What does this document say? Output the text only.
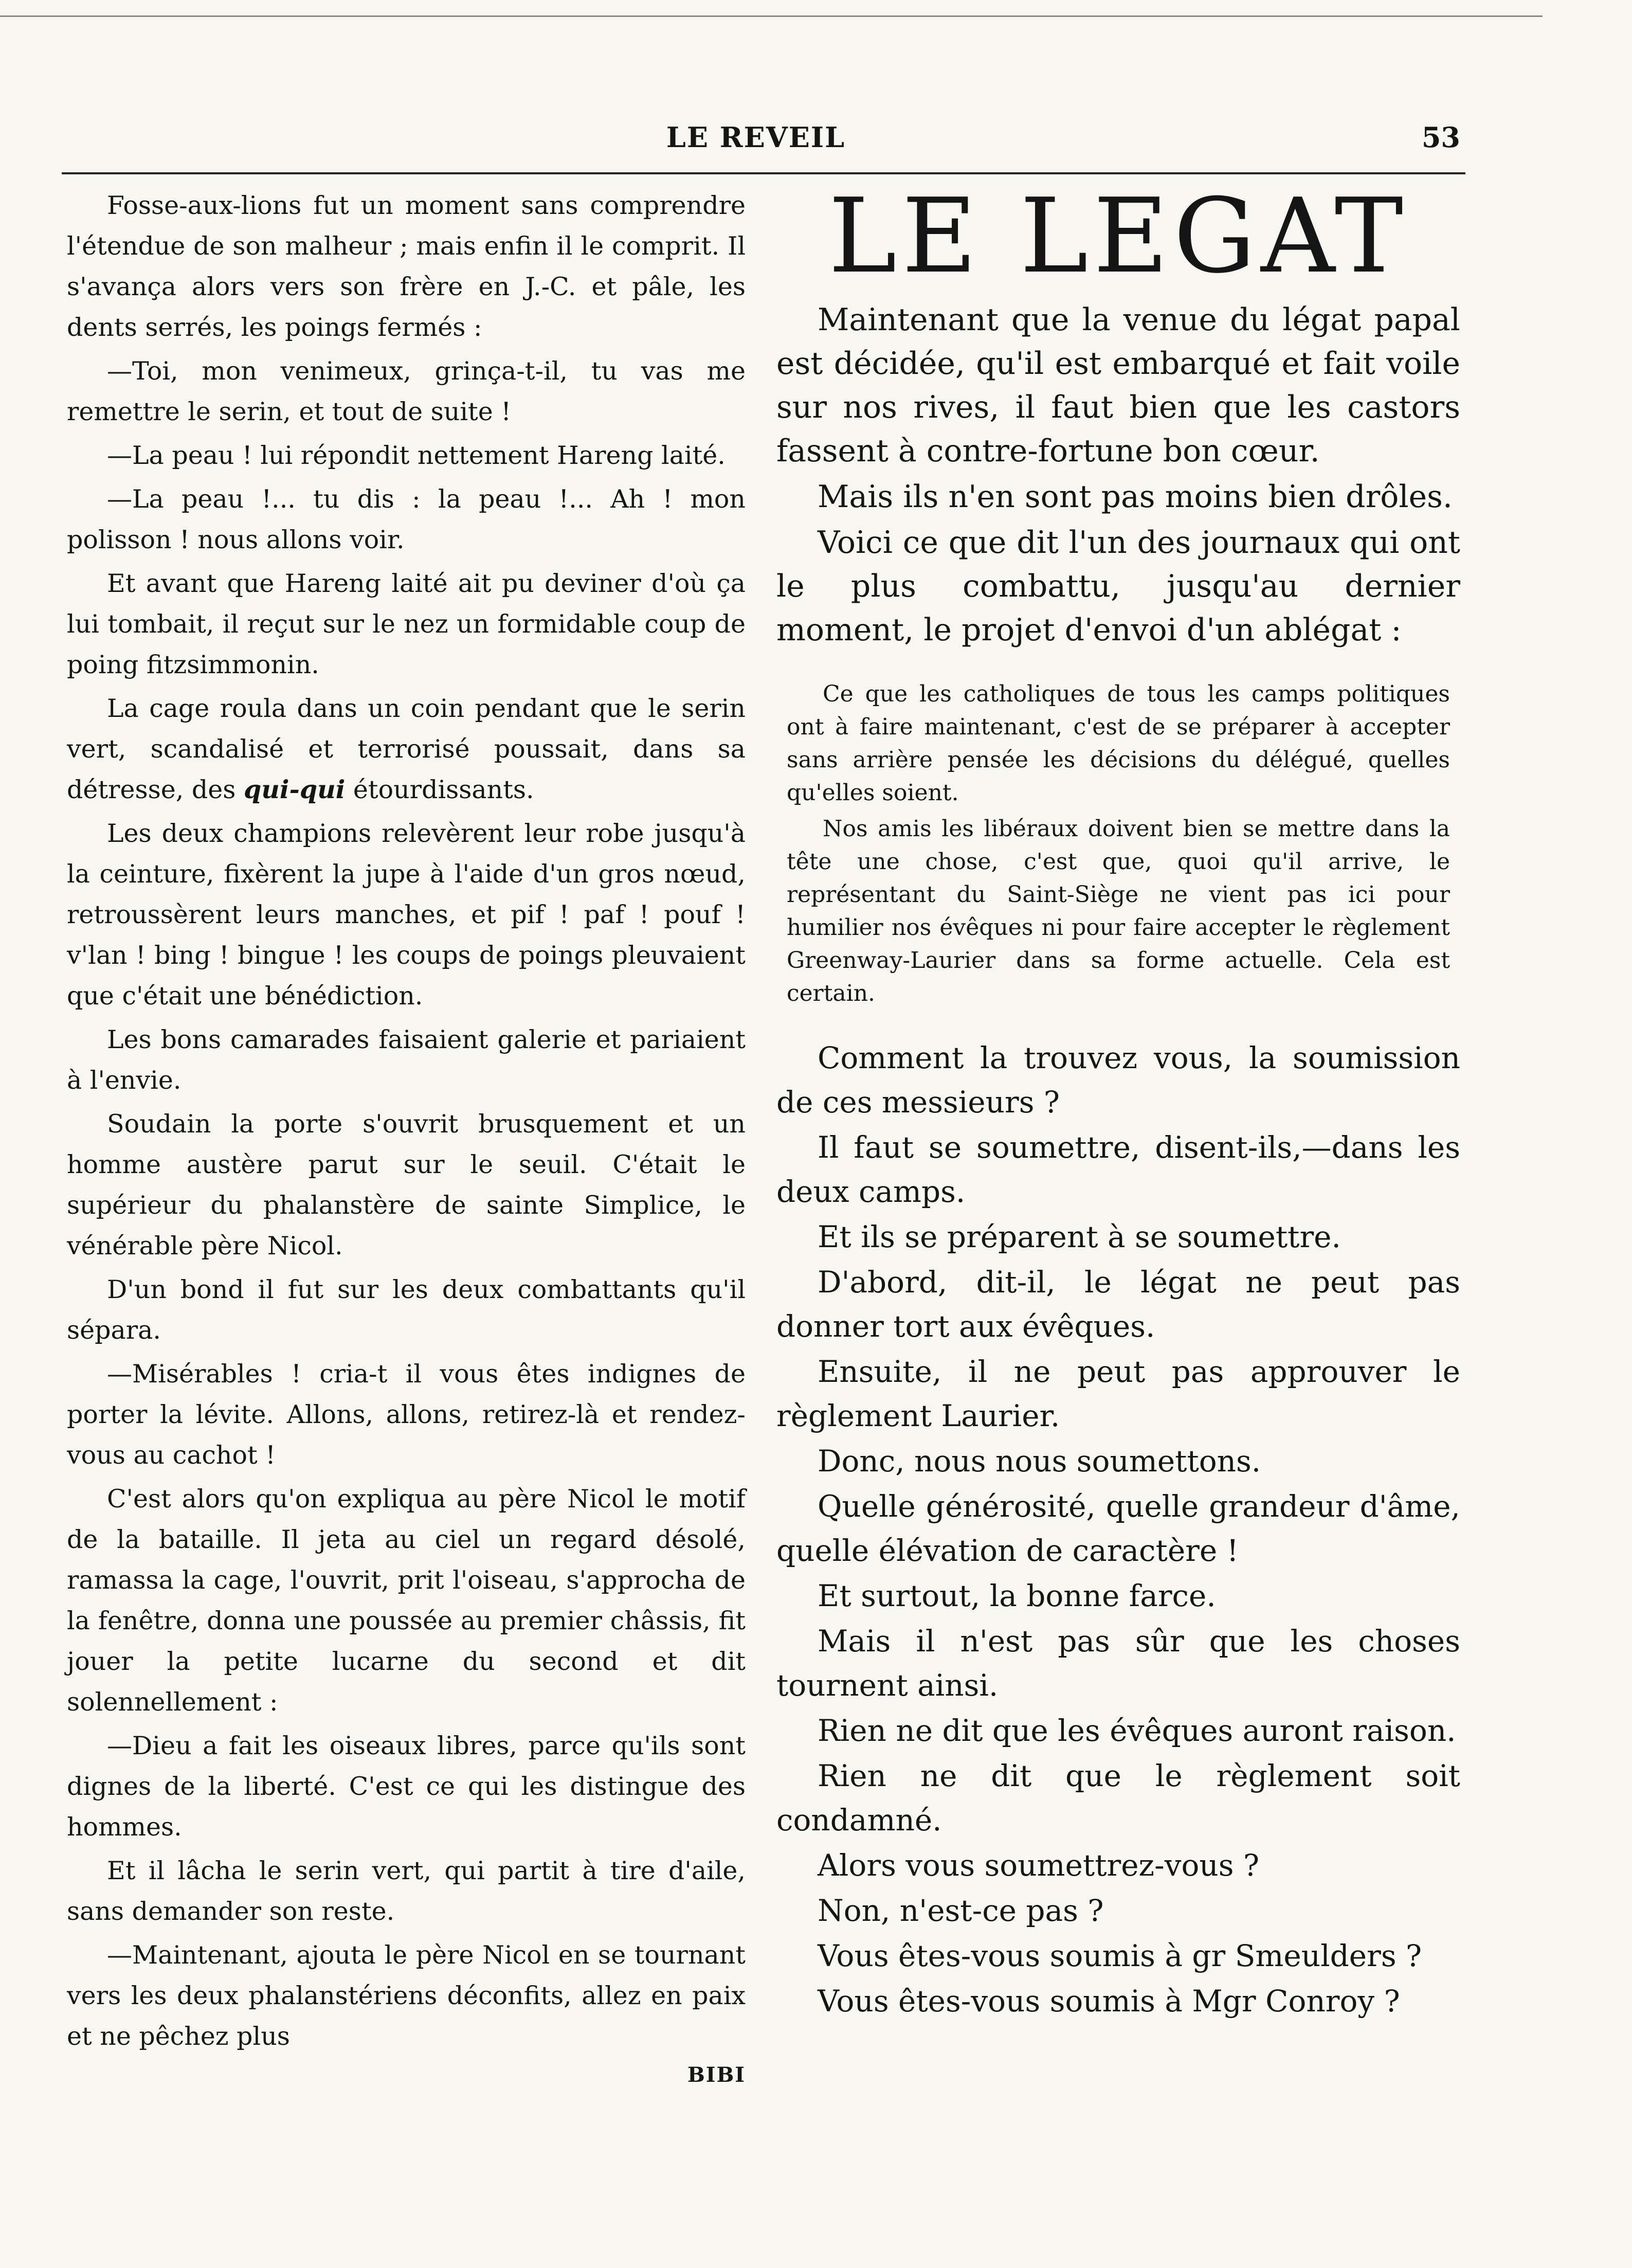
LE REVEIL	53

Fosse-aux-lions fut un moment sans comprendre l'étendue de son malheur ; mais enfin il le comprit. Il s'avança alors vers son frère en J.-C. et pâle, les dents serrés, les poings fermés :

—Toi, mon venimeux, grinça-t-il, tu vas me remettre le serin, et tout de suite !

—La peau ! lui répondit nettement Hareng laité.

—La peau !... tu dis : la peau !... Ah ! mon polisson ! nous allons voir.

Et avant que Hareng laité ait pu deviner d'où ça lui tombait, il reçut sur le nez un formidable coup de poing fitzsimmonin.

La cage roula dans un coin pendant que le serin vert, scandalisé et terrorisé poussait, dans sa détresse, des qui-qui étourdissants.

Les deux champions relevèrent leur robe jusqu'à la ceinture, fixèrent la jupe à l'aide d'un gros nœud, retroussèrent leurs manches, et pif ! paf ! pouf ! v'lan ! bing ! bingue ! les coups de poings pleuvaient que c'était une bénédiction.

Les bons camarades faisaient galerie et pariaient à l'envie.

Soudain la porte s'ouvrit brusquement et un homme austère parut sur le seuil. C'était le supérieur du phalanstère de sainte Simplice, le vénérable père Nicol.

D'un bond il fut sur les deux combattants qu'il sépara.

—Misérables ! cria-t il vous êtes indignes de porter la lévite. Allons, allons, retirez-là et rendez-vous au cachot !

C'est alors qu'on expliqua au père Nicol le motif de la bataille. Il jeta au ciel un regard désolé, ramassa la cage, l'ouvrit, prit l'oiseau, s'approcha de la fenêtre, donna une poussée au premier châssis, fit jouer la petite lucarne du second et dit solennellement :

—Dieu a fait les oiseaux libres, parce qu'ils sont dignes de la liberté. C'est ce qui les distingue des hommes.

Et il lâcha le serin vert, qui partit à tire d'aile, sans demander son reste.

—Maintenant, ajouta le père Nicol en se tournant vers les deux phalanstériens déconfits, allez en paix et ne pêchez plus

BIBI

LE LEGAT

Maintenant que la venue du légat papal est décidée, qu'il est embarqué et fait voile sur nos rives, il faut bien que les castors fassent à contre-fortune bon cœur.

Mais ils n'en sont pas moins bien drôles.

Voici ce que dit l'un des journaux qui ont le plus combattu, jusqu'au dernier moment, le projet d'envoi d'un ablégat :

Ce que les catholiques de tous les camps politiques ont à faire maintenant, c'est de se préparer à accepter sans arrière pensée les décisions du délégué, quelles qu'elles soient.

Nos amis les libéraux doivent bien se mettre dans la tête une chose, c'est que, quoi qu'il arrive, le représentant du Saint-Siège ne vient pas ici pour humilier nos évêques ni pour faire accepter le règlement Greenway-Laurier dans sa forme actuelle. Cela est certain.

Comment la trouvez vous, la soumission de ces messieurs ?

Il faut se soumettre, disent-ils,—dans les deux camps.

Et ils se préparent à se soumettre.

D'abord, dit-il, le légat ne peut pas donner tort aux évêques.

Ensuite, il ne peut pas approuver le règlement Laurier.

Donc, nous nous soumettons.

Quelle générosité, quelle grandeur d'âme, quelle élévation de caractère !

Et surtout, la bonne farce.

Mais il n'est pas sûr que les choses tournent ainsi.

Rien ne dit que les évêques auront raison.

Rien ne dit que le règlement soit condamné.

Alors vous soumettrez-vous ?

Non, n'est-ce pas ?

Vous êtes-vous soumis à gr Smeulders ?

Vous êtes-vous soumis à Mgr Conroy ?
